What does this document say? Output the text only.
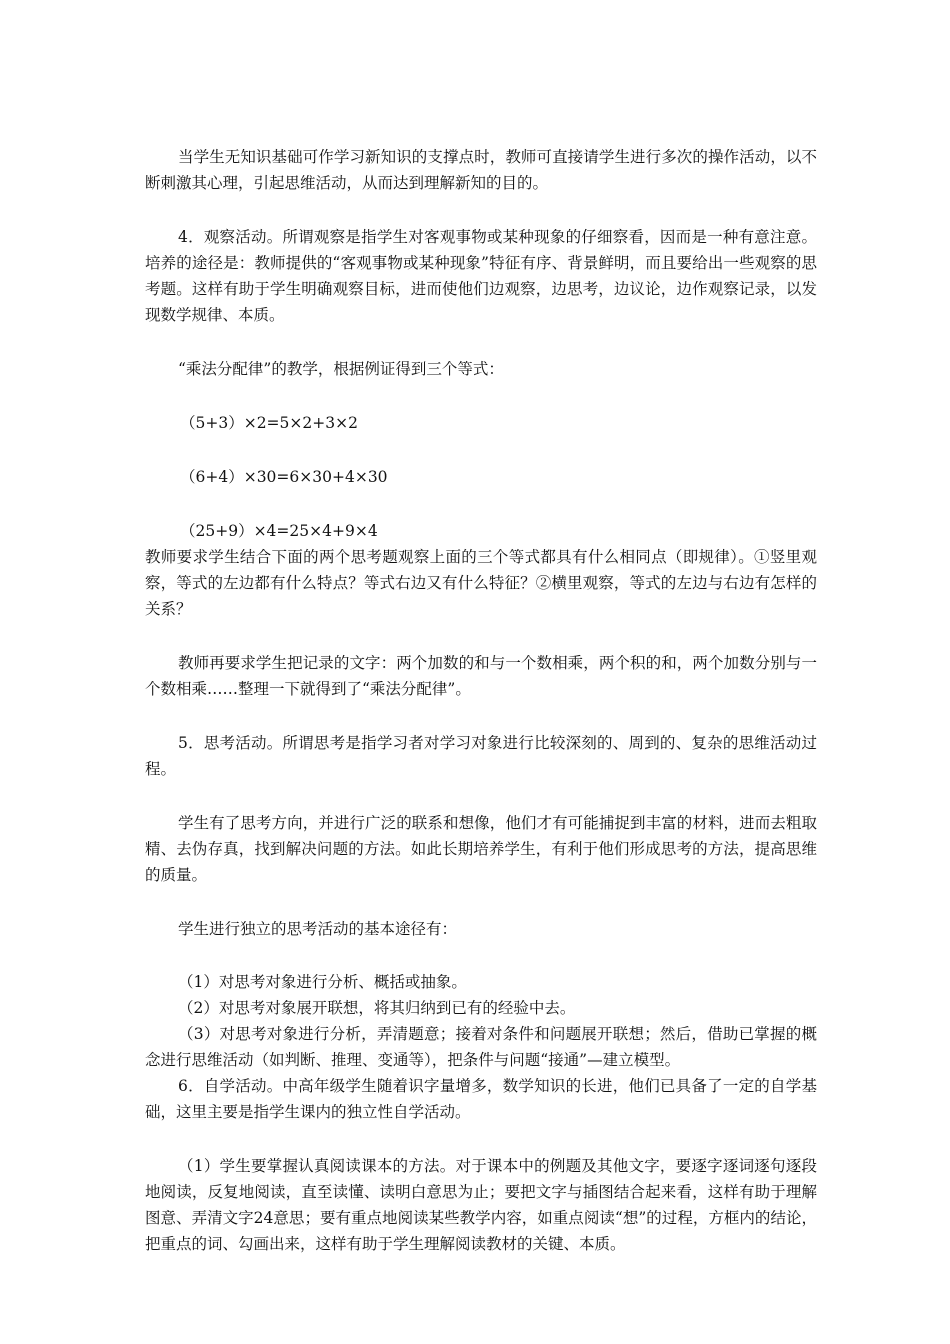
当学生无知识基础可作学习新知识的支撑点时，教师可直接请学生进行多次的操作活动，以不断刺激其心理，引起思维活动，从而达到理解新知的目的。

4．观察活动。所谓观察是指学生对客观事物或某种现象的仔细察看，因而是一种有意注意。培养的途径是：教师提供的“客观事物或某种现象”特征有序、背景鲜明，而且要给出一些观察的思考题。这样有助于学生明确观察目标，进而使他们边观察，边思考，边议论，边作观察记录，以发现数学规律、本质。

“乘法分配律”的教学，根据例证得到三个等式：

（5+3）×2=5×2+3×2

（6+4）×30=6×30+4×30

（25+9）×4=25×4+9×4

教师要求学生结合下面的两个思考题观察上面的三个等式都具有什么相同点（即规律）。①竖里观察，等式的左边都有什么特点？等式右边又有什么特征？②横里观察，等式的左边与右边有怎样的关系？

教师再要求学生把记录的文字：两个加数的和与一个数相乘，两个积的和，两个加数分别与一个数相乘……整理一下就得到了“乘法分配律”。

5．思考活动。所谓思考是指学习者对学习对象进行比较深刻的、周到的、复杂的思维活动过程。

学生有了思考方向，并进行广泛的联系和想像，他们才有可能捕捉到丰富的材料，进而去粗取精、去伪存真，找到解决问题的方法。如此长期培养学生，有利于他们形成思考的方法，提高思维的质量。

学生进行独立的思考活动的基本途径有：

（1）对思考对象进行分析、概括或抽象。

（2）对思考对象展开联想，将其归纳到已有的经验中去。

（3）对思考对象进行分析，弄清题意；接着对条件和问题展开联想；然后，借助已掌握的概念进行思维活动（如判断、推理、变通等），把条件与问题“接通”—建立模型。

6．自学活动。中高年级学生随着识字量增多，数学知识的长进，他们已具备了一定的自学基础，这里主要是指学生课内的独立性自学活动。

（1）学生要掌握认真阅读课本的方法。对于课本中的例题及其他文字，要逐字逐词逐句逐段地阅读，反复地阅读，直至读懂、读明白意思为止；要把文字与插图结合起来看，这样有助于理解图意、弄清文字24意思；要有重点地阅读某些教学内容，如重点阅读“想”的过程，方框内的结论，把重点的词、勾画出来，这样有助于学生理解阅读教材的关键、本质。
